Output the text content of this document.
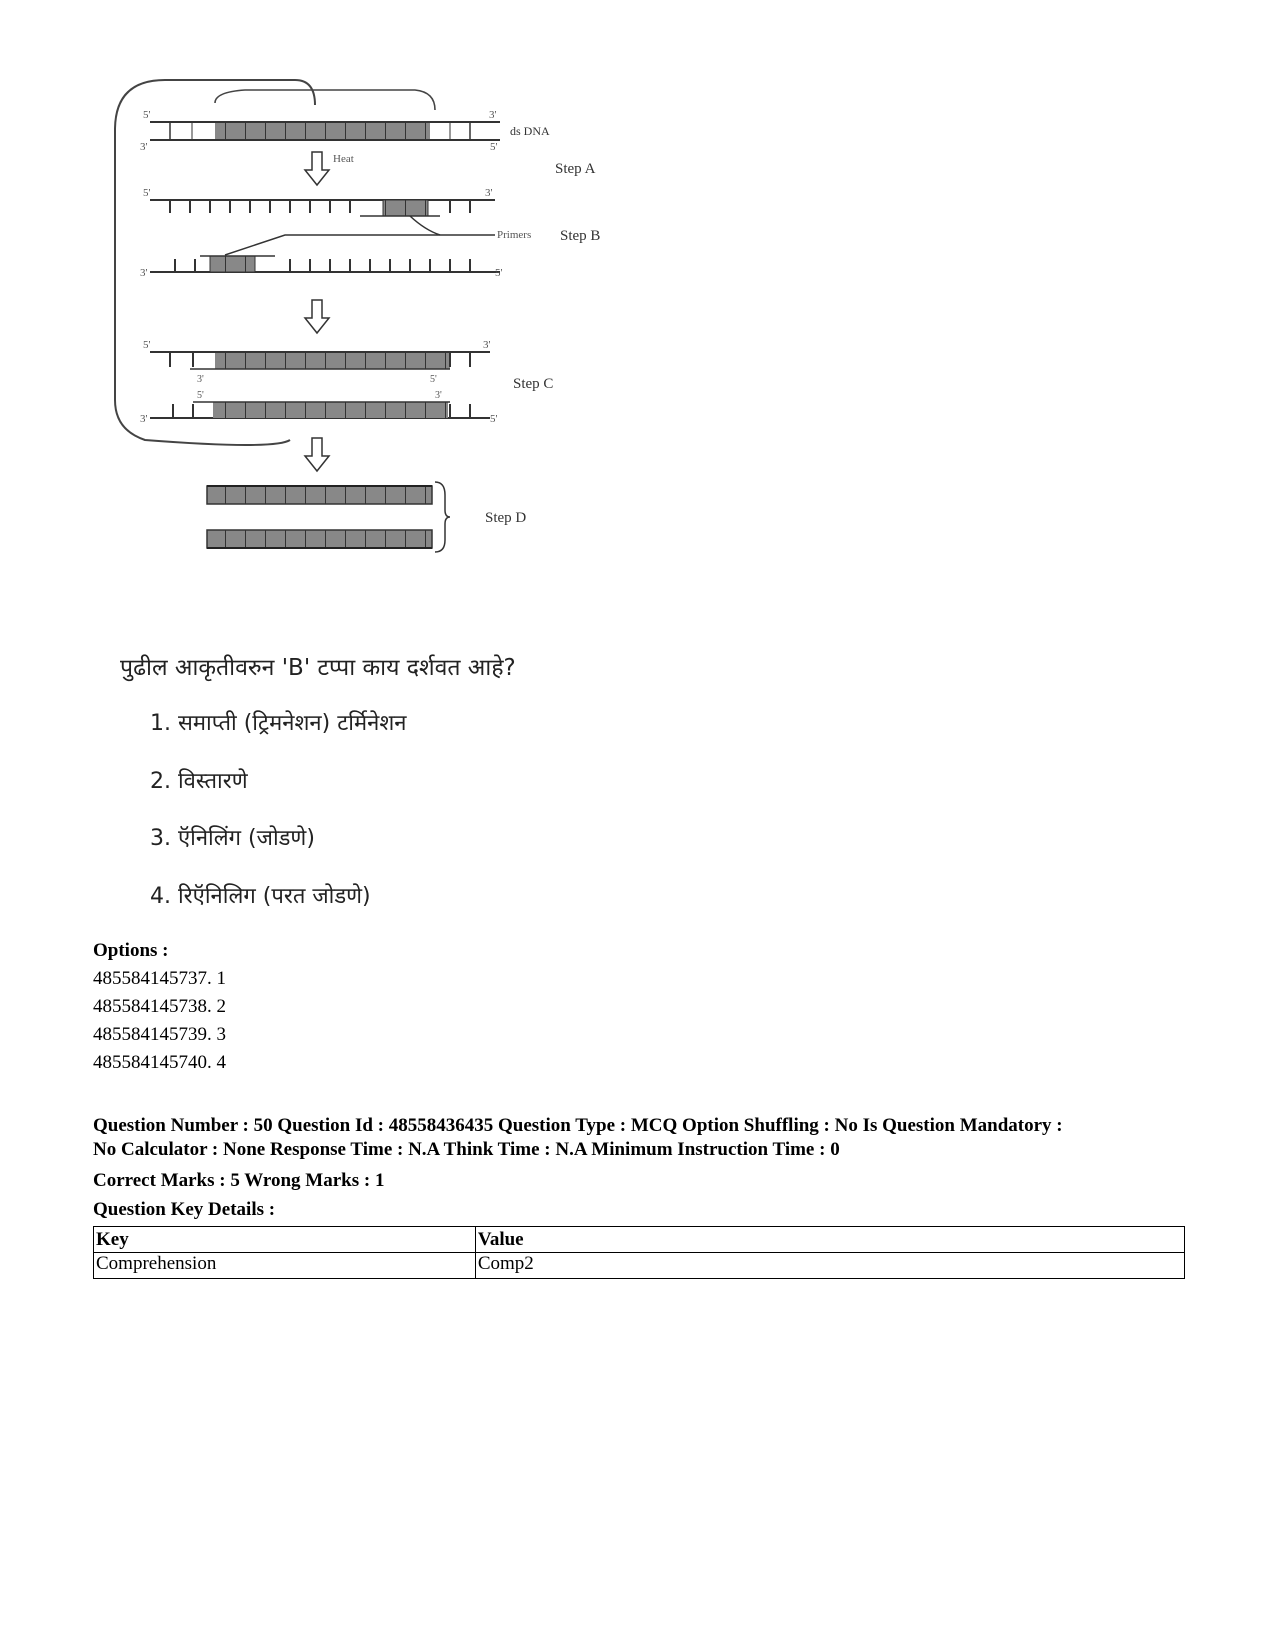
5'	3'
3'	5'
ds DNA
Step A
Heat
5'	3'
Primers Step B
3'	5'
5'	3'
3'	5'	Step C
5'	3'
3'	5'
Step D
पुढील आकृतीवरुन 'B' टप्पा काय दर्शवत आहे?
1. समाप्ती (ट्रिमनेशन) टर्मिनेशन
2. विस्तारणे
3. ऍनिलिंग (जोडणे)
4. रिऍनिलिग (परत जोडणे)
Options :
485584145737. 1
485584145738. 2
485584145739. 3
485584145740. 4
Question Number : 50 Question Id : 48558436435 Question Type : MCQ Option Shuffling : No Is Question Mandatory :
No Calculator : None Response Time : N.A Think Time : N.A Minimum Instruction Time : 0
Correct Marks : 5 Wrong Marks : 1
Question Key Details :
Key	Value
Comprehension	Comp2
